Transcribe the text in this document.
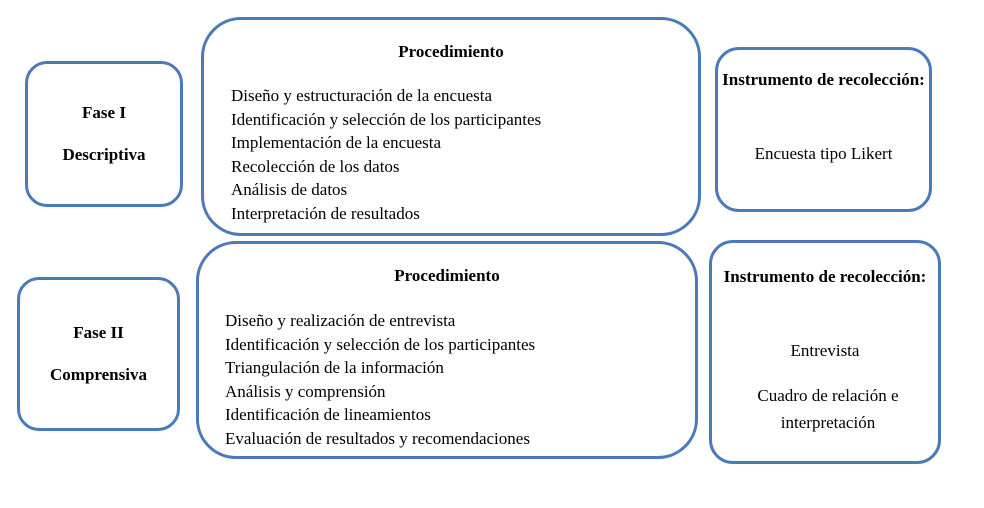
Fase I
Descriptiva
Procedimiento
Diseño y estructuración de la encuesta
Identificación y selección de los participantes
Implementación de la encuesta
Recolección de los datos
Análisis de datos
Interpretación de resultados
Instrumento de recolección:
Encuesta tipo Likert
Fase II
Comprensiva
Procedimiento
Diseño y realización de entrevista
Identificación y selección de los participantes
Triangulación de la información
Análisis y comprensión
Identificación de lineamientos
Evaluación de resultados y recomendaciones
Instrumento de recolección:
Entrevista
Cuadro de relación e interpretación
